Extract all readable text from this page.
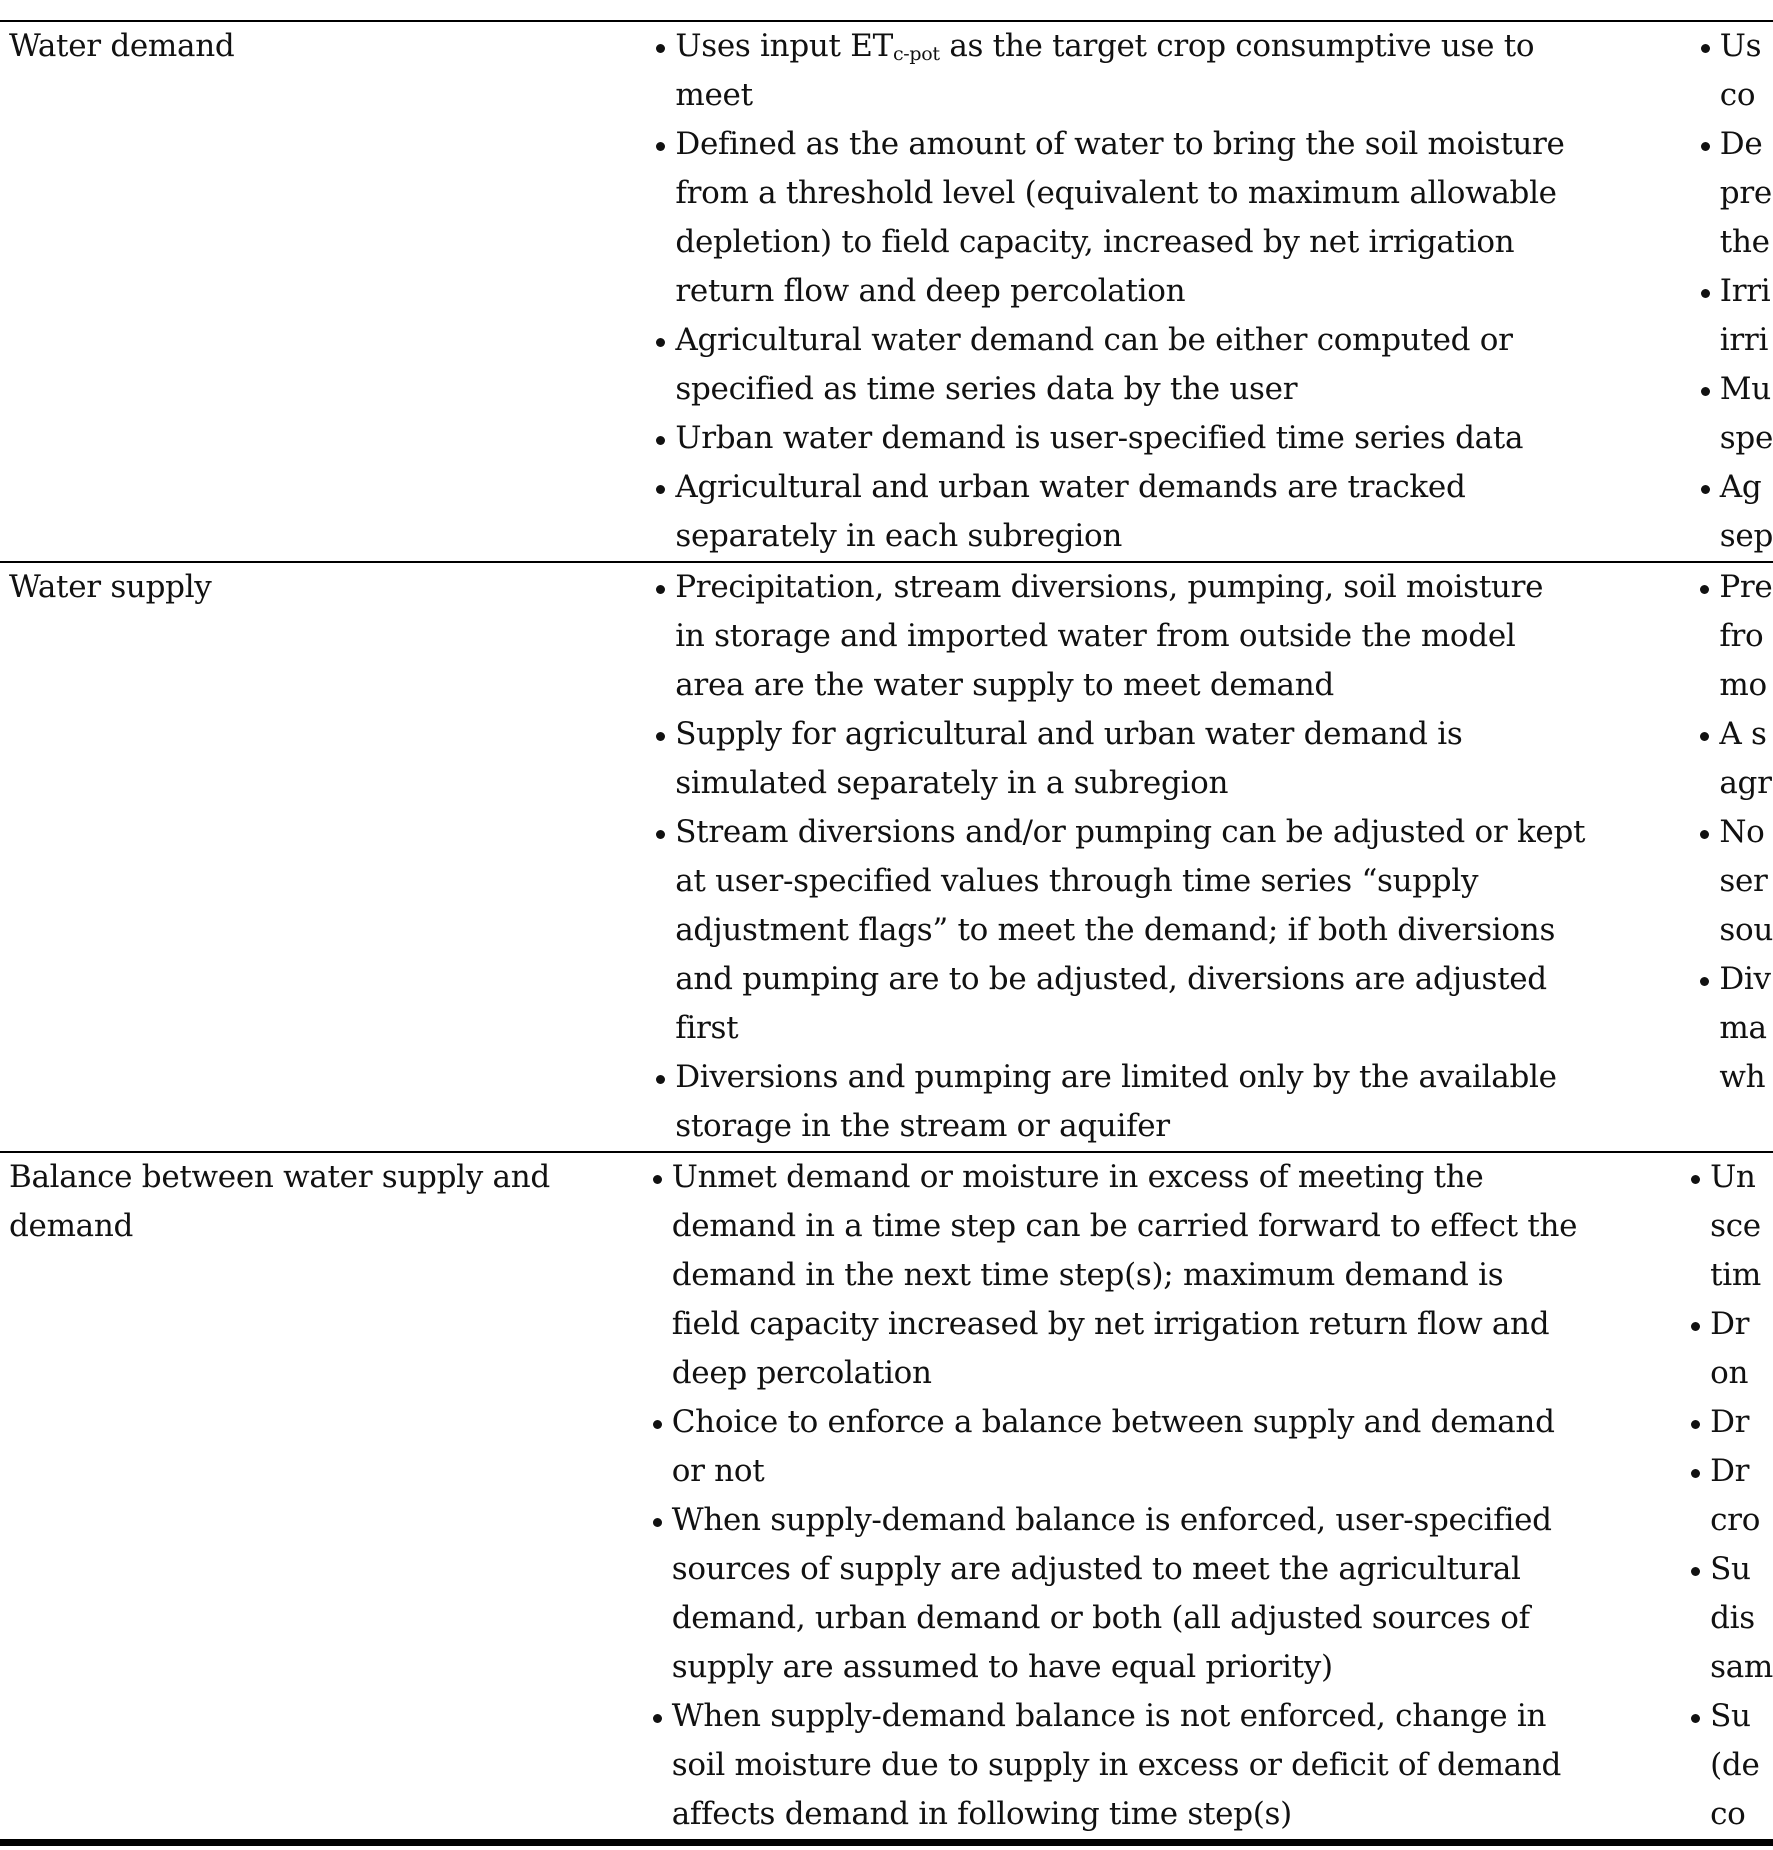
Water demand	Uses input $ET_{c-pot}$ as the target crop consumptive use to
meet
Defined as the amount of water to bring the soil moisture
from a threshold level (equivalent to maximum allowable
depletion) to field capacity, increased by net irrigation
return flow and deep percolation
Agricultural water demand can be either computed or
specified as time series data by the user
Urban water demand is user-specified time series data
Agricultural and urban water demands are tracked
separately in each subregion
Us
co
De
pre
the
Irri
irri
Mu
spe
Ag
sep
Water supply	Precipitation, stream diversions, pumping, soil moisture
in storage and imported water from outside the model
area are the water supply to meet demand
Supply for agricultural and urban water demand is
simulated separately in a subregion
Stream diversions and/or pumping can be adjusted or kept
at user-specified values through time series “supply
adjustment flags” to meet the demand; if both diversions
and pumping are to be adjusted, diversions are adjusted
first
Diversions and pumping are limited only by the available
storage in the stream or aquifer
Pre
fro
mo
A s
agr
No
ser
sou
Div
ma
wh
Balance between water supply and
demand
Unmet demand or moisture in excess of meeting the
demand in a time step can be carried forward to effect the
demand in the next time step(s); maximum demand is
field capacity increased by net irrigation return flow and
deep percolation
Choice to enforce a balance between supply and demand
or not
When supply-demand balance is enforced, user-specified
sources of supply are adjusted to meet the agricultural
demand, urban demand or both (all adjusted sources of
supply are assumed to have equal priority)
When supply-demand balance is not enforced, change in
soil moisture due to supply in excess or deficit of demand
affects demand in following time step(s)
Un
sce
tim
Dr
on
Dr
Dr
cro
Su
dis
sam
Su
(de
co
